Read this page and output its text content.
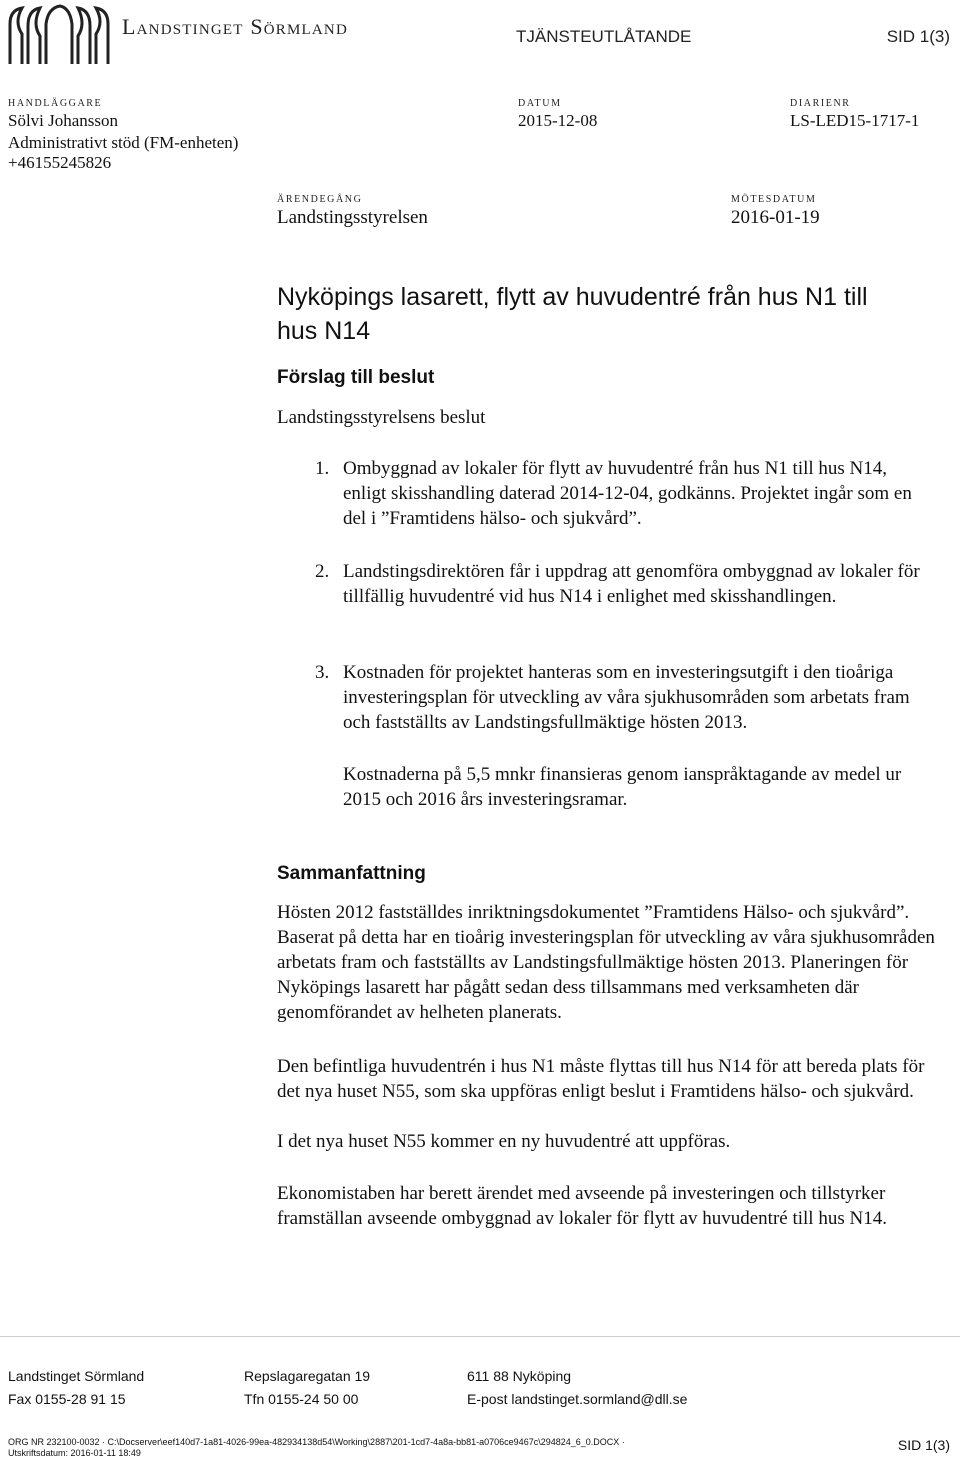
Landstinget Sörmland	TJÄNSTEUTLÅTANDE	SID 1(3)
HANDLÄGGARE
Sölvi Johansson
Administrativt stöd (FM-enheten)
+46155245826
DATUM
2015-12-08
DIARIENR
LS-LED15-1717-1
ÄRENDEGÅNG
Landstingsstyrelsen
MÖTESDATUM
2016-01-19
Nyköpings lasarett, flytt av huvudentré från hus N1 till
hus N14
Förslag till beslut
Landstingsstyrelsens beslut
1. Ombyggnad av lokaler för flytt av huvudentré från hus N1 till hus N14, enligt skisshandling daterad 2014-12-04, godkänns. Projektet ingår som en del i ”Framtidens hälso- och sjukvård”.
2. Landstingsdirektören får i uppdrag att genomföra ombyggnad av lokaler för tillfällig huvudentré vid hus N14 i enlighet med skisshandlingen.
3. Kostnaden för projektet hanteras som en investeringsutgift i den tioåriga investeringsplan för utveckling av våra sjukhusområden som arbetats fram och fastställts av Landstingsfullmäktige hösten 2013.
Kostnaderna på 5,5 mnkr finansieras genom ianspråktagande av medel ur 2015 och 2016 års investeringsramar.
Sammanfattning
Hösten 2012 fastställdes inriktningsdokumentet ”Framtidens Hälso- och sjukvård”. Baserat på detta har en tioårig investeringsplan för utveckling av våra sjukhusområden arbetats fram och fastställts av Landstingsfullmäktige hösten 2013. Planeringen för Nyköpings lasarett har pågått sedan dess tillsammans med verksamheten där genomförandet av helheten planerats.
Den befintliga huvudentrén i hus N1 måste flyttas till hus N14 för att bereda plats för det nya huset N55, som ska uppföras enligt beslut i Framtidens hälso- och sjukvård.
I det nya huset N55 kommer en ny huvudentré att uppföras.
Ekonomistaben har berett ärendet med avseende på investeringen och tillstyrker framställan avseende ombyggnad av lokaler för flytt av huvudentré till hus N14.
Landstinget Sörmland	Repslagaregatan 19	611 88 Nyköping
Fax 0155-28 91 15	Tfn 0155-24 50 00	E-post landstinget.sormland@dll.se
ORG NR 232100-0032 · C:\Docserver\eef140d7-1a81-4026-99ea-482934138d54\Working\2887\201-1cd7-4a8a-bb81-a0706ce9467c\294824_6_0.DOCX ·
Utskriftsdatum: 2016-01-11 18:49	SID 1(3)
